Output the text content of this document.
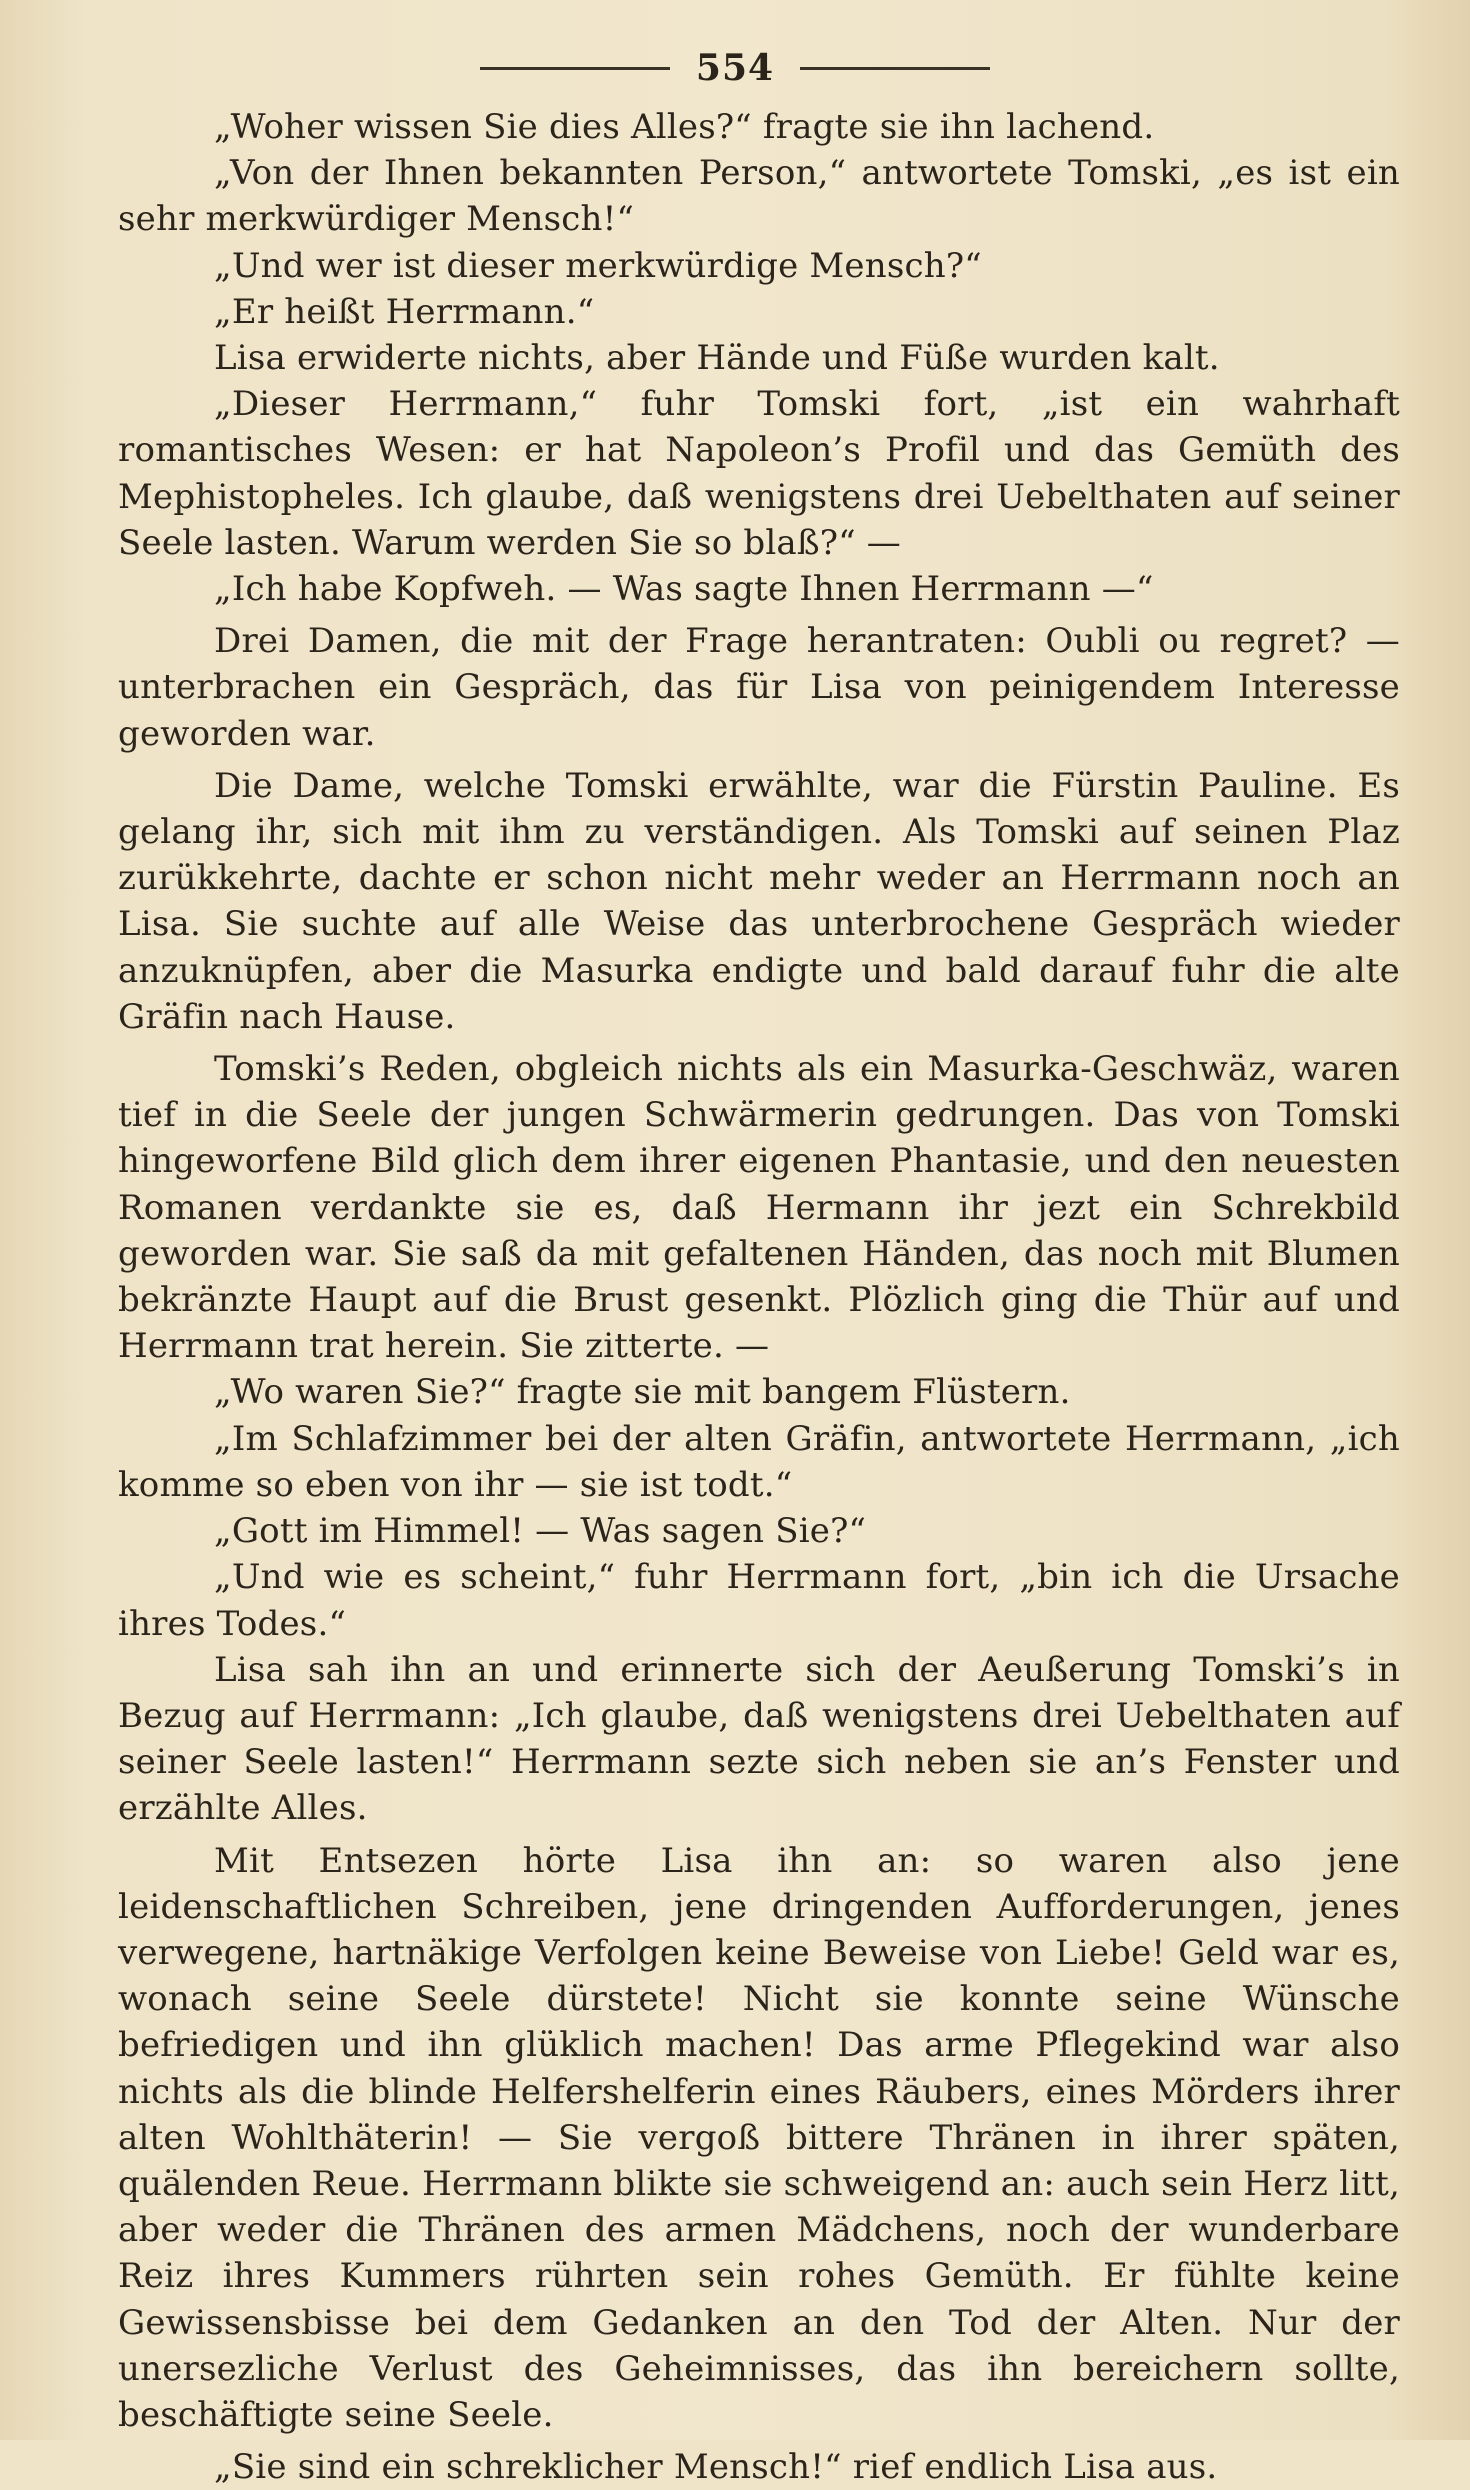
554

„Woher wissen Sie dies Alles?“ fragte sie ihn lachend.

„Von der Ihnen bekannten Person,“ antwortete Tomski, „es ist ein sehr merkwürdiger Mensch!“

„Und wer ist dieser merkwürdige Mensch?“

„Er heißt Herrmann.“

Lisa erwiderte nichts, aber Hände und Füße wurden kalt.

„Dieser Herrmann,“ fuhr Tomski fort, „ist ein wahrhaft romantisches Wesen: er hat Napoleon’s Profil und das Gemüth des Mephistopheles. Ich glaube, daß wenigstens drei Uebelthaten auf seiner Seele lasten. Warum werden Sie so blaß?“ —

„Ich habe Kopfweh. — Was sagte Ihnen Herrmann —“

Drei Damen, die mit der Frage herantraten: Oubli ou regret? — unterbrachen ein Gespräch, das für Lisa von peinigendem Interesse geworden war.

Die Dame, welche Tomski erwählte, war die Fürstin Pauline. Es gelang ihr, sich mit ihm zu verständigen. Als Tomski auf seinen Plaz zurükkehrte, dachte er schon nicht mehr weder an Herrmann noch an Lisa. Sie suchte auf alle Weise das unterbrochene Gespräch wieder anzuknüpfen, aber die Masurka endigte und bald darauf fuhr die alte Gräfin nach Hause.

Tomski’s Reden, obgleich nichts als ein Masurka-Geschwäz, waren tief in die Seele der jungen Schwärmerin gedrungen. Das von Tomski hingeworfene Bild glich dem ihrer eigenen Phantasie, und den neuesten Romanen verdankte sie es, daß Hermann ihr jezt ein Schrekbild geworden war. Sie saß da mit gefaltenen Händen, das noch mit Blumen bekränzte Haupt auf die Brust gesenkt. Plözlich ging die Thür auf und Herrmann trat herein. Sie zitterte. —

„Wo waren Sie?“ fragte sie mit bangem Flüstern.

„Im Schlafzimmer bei der alten Gräfin, antwortete Herrmann, „ich komme so eben von ihr — sie ist todt.“

„Gott im Himmel! — Was sagen Sie?“

„Und wie es scheint,“ fuhr Herrmann fort, „bin ich die Ursache ihres Todes.“

Lisa sah ihn an und erinnerte sich der Aeußerung Tomski’s in Bezug auf Herrmann: „Ich glaube, daß wenigstens drei Uebelthaten auf seiner Seele lasten!“ Herrmann sezte sich neben sie an’s Fenster und erzählte Alles.

Mit Entsezen hörte Lisa ihn an: so waren also jene leidenschaftlichen Schreiben, jene dringenden Aufforderungen, jenes verwegene, hartnäkige Verfolgen keine Beweise von Liebe! Geld war es, wonach seine Seele dürstete! Nicht sie konnte seine Wünsche befriedigen und ihn glüklich machen! Das arme Pflegekind war also nichts als die blinde Helfershelferin eines Räubers, eines Mörders ihrer alten Wohlthäterin! — Sie vergoß bittere Thränen in ihrer späten, quälenden Reue. Herrmann blikte sie schweigend an: auch sein Herz litt, aber weder die Thränen des armen Mädchens, noch der wunderbare Reiz ihres Kummers rührten sein rohes Gemüth. Er fühlte keine Gewissensbisse bei dem Gedanken an den Tod der Alten. Nur der unersezliche Verlust des Geheimnisses, das ihn bereichern sollte, beschäftigte seine Seele.

„Sie sind ein schreklicher Mensch!“ rief endlich Lisa aus.
